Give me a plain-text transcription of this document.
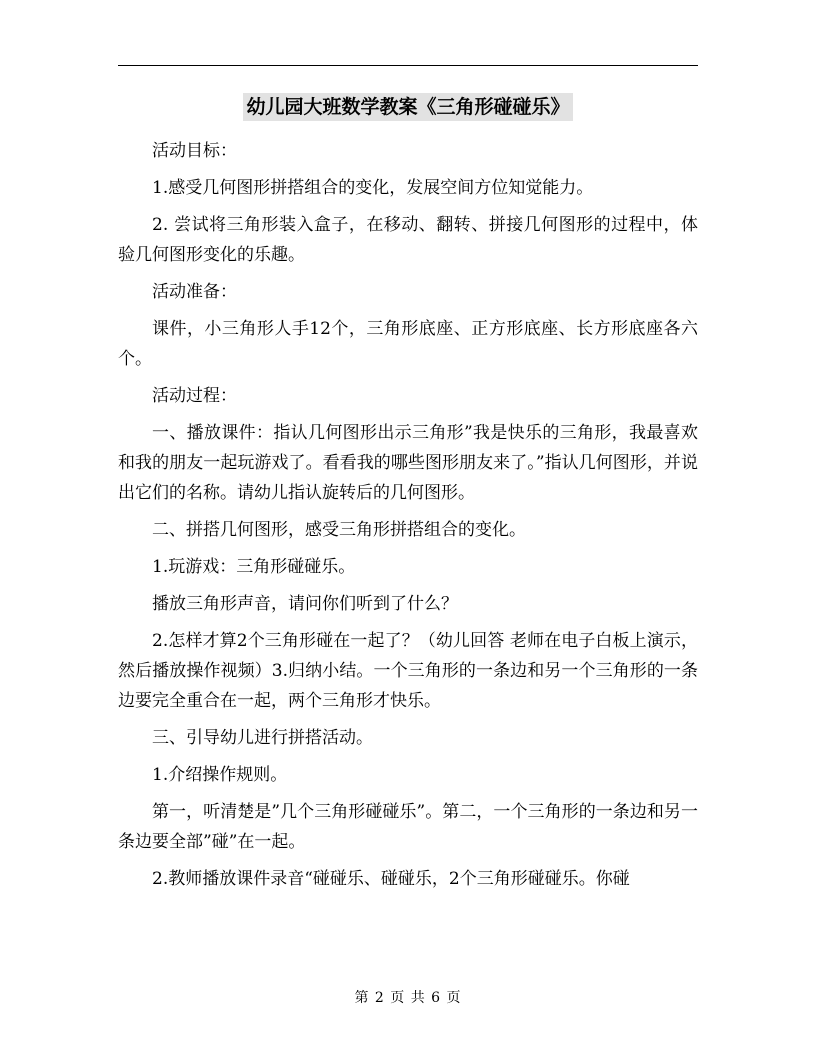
幼儿园大班数学教案《三角形碰碰乐》

活动目标：

1.感受几何图形拼搭组合的变化，发展空间方位知觉能力。

2. 尝试将三角形装入盒子，在移动、翻转、拼接几何图形的过程中，体验几何图形变化的乐趣。

活动准备：

课件，小三角形人手12个，三角形底座、正方形底座、长方形底座各六个。

活动过程：

一、播放课件：指认几何图形出示三角形”我是快乐的三角形，我最喜欢和我的朋友一起玩游戏了。看看我的哪些图形朋友来了。”指认几何图形，并说出它们的名称。请幼儿指认旋转后的几何图形。

二、拼搭几何图形，感受三角形拼搭组合的变化。

1.玩游戏：三角形碰碰乐。

播放三角形声音，请问你们听到了什么？

2.怎样才算2个三角形碰在一起了？（幼儿回答 老师在电子白板上演示，然后播放操作视频）3.归纳小结。一个三角形的一条边和另一个三角形的一条边要完全重合在一起，两个三角形才快乐。

三、引导幼儿进行拼搭活动。

1.介绍操作规则。

第一，听清楚是”几个三角形碰碰乐”。第二，一个三角形的一条边和另一条边要全部”碰”在一起。

2.教师播放课件录音“碰碰乐、碰碰乐，2个三角形碰碰乐。你碰

第 2 页 共 6 页
